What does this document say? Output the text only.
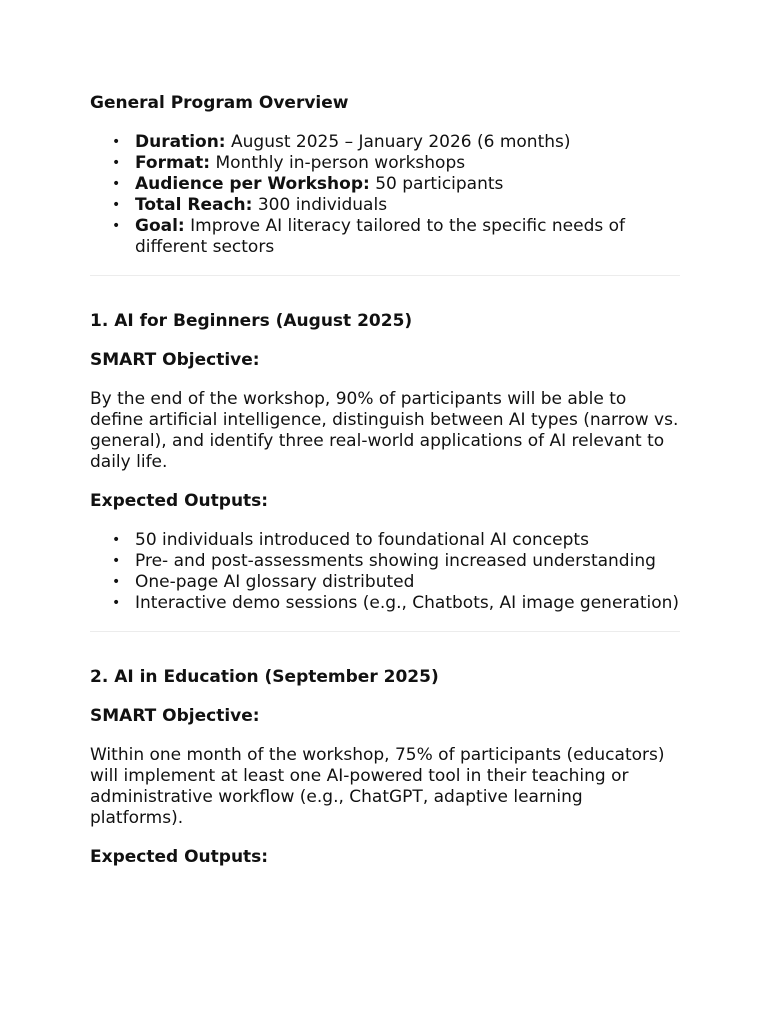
General Program Overview
• Duration: August 2025 – January 2026 (6 months)
• Format: Monthly in-person workshops
• Audience per Workshop: 50 participants
• Total Reach: 300 individuals
• Goal: Improve AI literacy tailored to the specific needs of different sectors
1. AI for Beginners (August 2025)
SMART Objective:

By the end of the workshop, 90% of participants will be able to define artificial intelligence, distinguish between AI types (narrow vs. general), and identify three real-world applications of AI relevant to daily life.

Expected Outputs:
• 50 individuals introduced to foundational AI concepts
• Pre- and post-assessments showing increased understanding
• One-page AI glossary distributed
• Interactive demo sessions (e.g., Chatbots, AI image generation)
2. AI in Education (September 2025)
SMART Objective:

Within one month of the workshop, 75% of participants (educators) will implement at least one AI-powered tool in their teaching or administrative workflow (e.g., ChatGPT, adaptive learning platforms).

Expected Outputs:
